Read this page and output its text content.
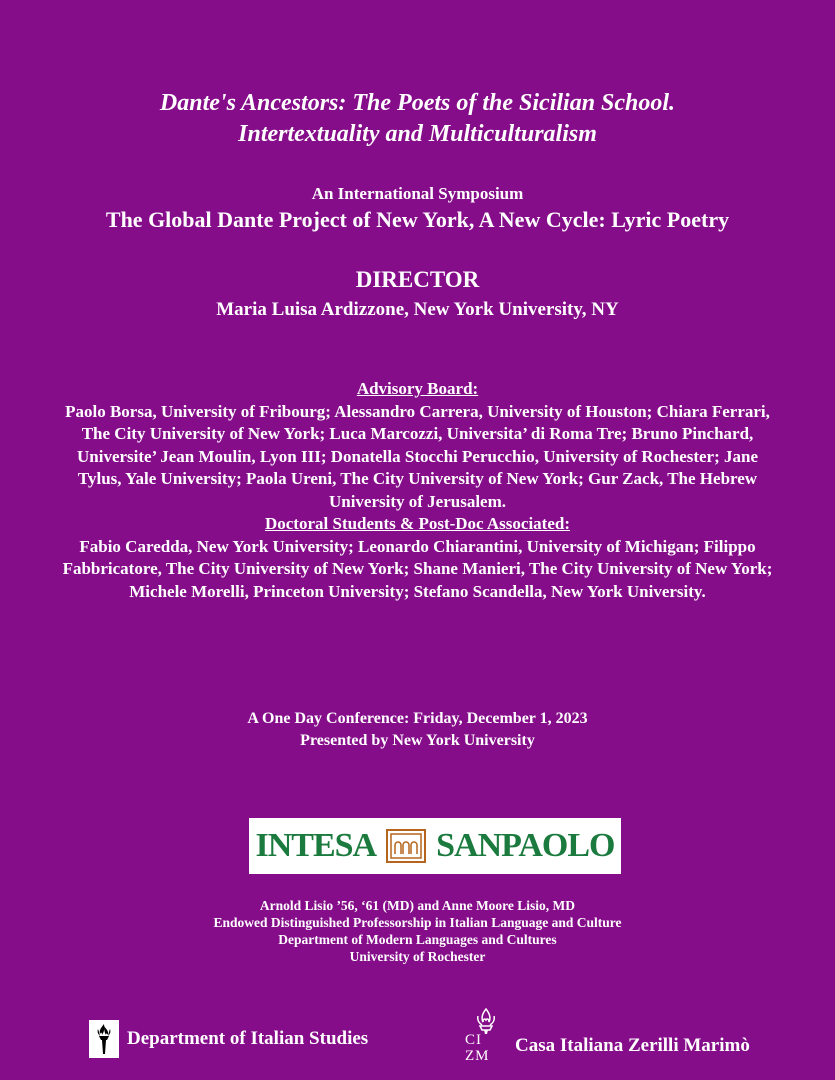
Dante's Ancestors: The Poets of the Sicilian School.
Intertextuality and Multiculturalism
An International Symposium
The Global Dante Project of New York, A New Cycle: Lyric Poetry
DIRECTOR
Maria Luisa Ardizzone, New York University, NY
Advisory Board:

Paolo Borsa, University of Fribourg; Alessandro Carrera, University of Houston; Chiara Ferrari, The City University of New York; Luca Marcozzi, Universita’ di Roma Tre; Bruno Pinchard, Universite’ Jean Moulin, Lyon III; Donatella Stocchi Perucchio, University of Rochester; Jane Tylus, Yale University; Paola Ureni, The City University of New York; Gur Zack, The Hebrew University of Jerusalem.

Doctoral Students & Post-Doc Associated:

Fabio Caredda, New York University; Leonardo Chiarantini, University of Michigan; Filippo Fabbricatore, The City University of New York; Shane Manieri, The City University of New York; Michele Morelli, Princeton University; Stefano Scandella, New York University.

A One Day Conference: Friday, December 1, 2023
Presented by New York University
INTESA SANPAOLO
Arnold Lisio ’56, ‘61 (MD) and Anne Moore Lisio, MD
Endowed Distinguished Professorship in Italian Language and Culture
Department of Modern Languages and Cultures
University of Rochester
Department of Italian Studies	CI
ZM	Casa Italiana Zerilli Marimò
